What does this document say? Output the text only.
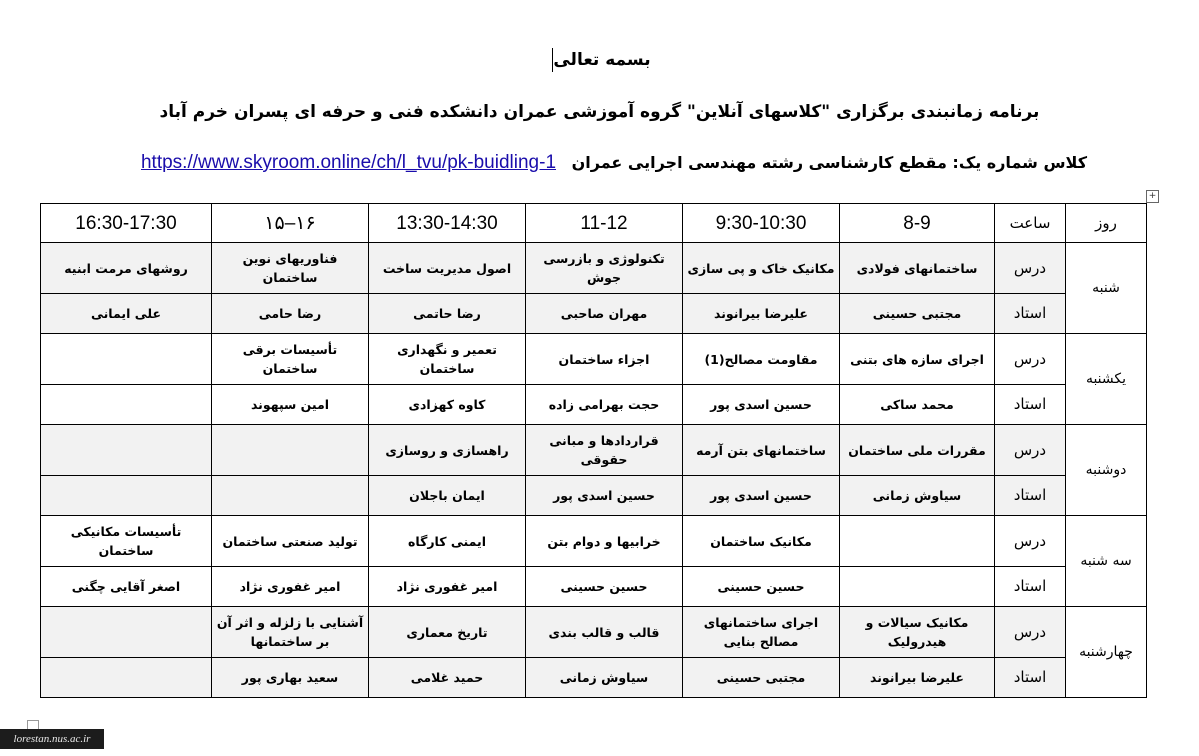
بسمه تعالی
برنامه زمانبندی برگزاری "کلاسهای آنلاین" گروه آموزشی عمران دانشکده فنی و حرفه ای پسران خرم آباد
کلاس شماره یک: مقطع کارشناسی رشته مهندسی اجرایی عمران https://www.skyroom.online/ch/l_tvu/pk-buidling-1
+
روز	ساعت	8-9	9:30-10:30	11-12	13:30-14:30	۱۶–۱۵	16:30-17:30
شنبه	درس	ساختمانهای فولادی	مکانیک خاک و پی سازی	تکنولوژی و بازرسی جوش	اصول مدیریت ساخت	فناوریهای نوین ساختمان	روشهای مرمت ابنیه
	استاد	مجتبی حسینی	علیرضا بیرانوند	مهران صاحبی	رضا حاتمی	رضا حامی	علی ایمانی
یکشنبه	درس	اجرای سازه های بتنی	مقاومت مصالح(1)	اجزاء ساختمان	تعمیر و نگهداری ساختمان	تأسیسات برقی ساختمان	
	استاد	محمد ساکی	حسین اسدی پور	حجت بهرامی زاده	کاوه کهزادی	امین سپهوند	
دوشنبه	درس	مقررات ملی ساختمان	ساختمانهای بتن آرمه	قراردادها و مبانی حقوقی	راهسازی و روسازی		
	استاد	سیاوش زمانی	حسین اسدی پور	حسین اسدی پور	ایمان باجلان		
سه شنبه	درس		مکانیک ساختمان	خرابیها و دوام بتن	ایمنی کارگاه	تولید صنعتی ساختمان	تأسیسات مکانیکی ساختمان
	استاد		حسین حسینی	حسین حسینی	امیر غفوری نژاد	امیر غفوری نژاد	اصغر آقایی چگنی
چهارشنبه	درس	مکانیک سیالات و هیدرولیک	اجرای ساختمانهای مصالح بنایی	قالب و قالب بندی	تاریخ معماری	آشنایی با زلزله و اثر آن بر ساختمانها	
	استاد	علیرضا بیرانوند	مجتبی حسینی	سیاوش زمانی	حمید غلامی	سعید بهاری پور	
lorestan.nus.ac.ir
